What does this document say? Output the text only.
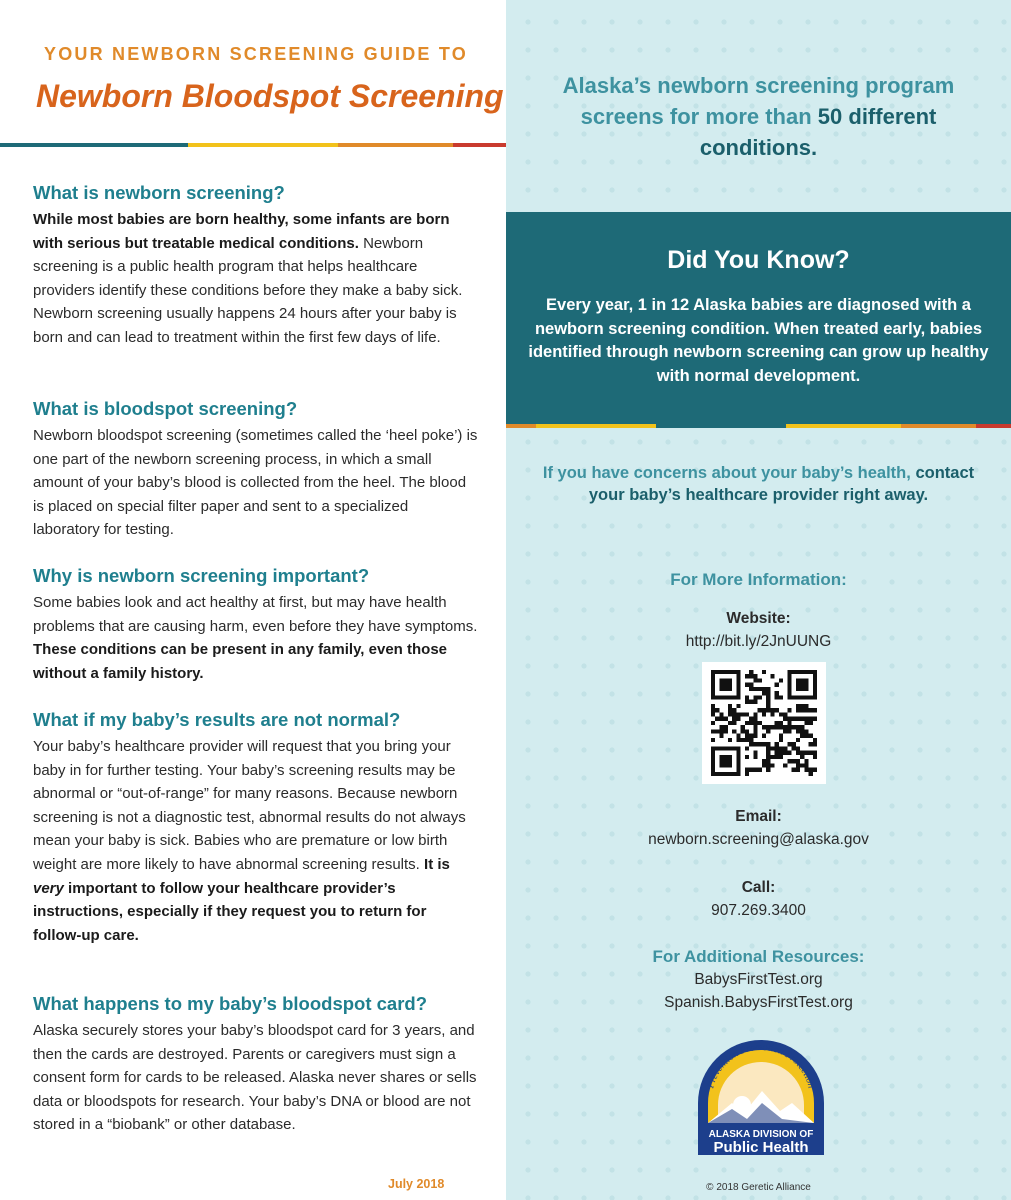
YOUR NEWBORN SCREENING GUIDE TO
Newborn Bloodspot Screening
What is newborn screening?

While most babies are born healthy, some infants are born with serious but treatable medical conditions. Newborn screening is a public health program that helps healthcare providers identify these conditions before they make a baby sick. Newborn screening usually happens 24 hours after your baby is born and can lead to treatment within the first few days of life.

What is bloodspot screening?

Newborn bloodspot screening (sometimes called the ‘heel poke’) is one part of the newborn screening process, in which a small amount of your baby’s blood is collected from the heel. The blood is placed on special filter paper and sent to a specialized laboratory for testing.

Why is newborn screening important?

Some babies look and act healthy at first, but may have health problems that are causing harm, even before they have symptoms. These conditions can be present in any family, even those without a family history.

What if my baby’s results are not normal?

Your baby’s healthcare provider will request that you bring your baby in for further testing. Your baby’s screening results may be abnormal or “out-of-range” for many reasons. Because newborn screening is not a diagnostic test, abnormal results do not always mean your baby is sick. Babies who are premature or low birth weight are more likely to have abnormal screening results. It is very important to follow your healthcare provider’s instructions, especially if they request you to return for follow-up care.

What happens to my baby’s bloodspot card?

Alaska securely stores your baby’s bloodspot card for 3 years, and then the cards are destroyed. Parents or caregivers must sign a consent form for cards to be released. Alaska never shares or sells data or bloodspots for research. Your baby’s DNA or blood are not stored in a “biobank” or other database.

July 2018
Alaska’s newborn screening program screens for more than 50 different conditions.
Did You Know?

Every year, 1 in 12 Alaska babies are diagnosed with a newborn screening condition. When treated early, babies identified through newborn screening can grow up healthy with normal development.

If you have concerns about your baby’s health, contact your baby’s healthcare provider right away.
For More Information:
Website:
http://bit.ly/2JnUUNG
Email:
newborn.screening@alaska.gov
Call:
907.269.3400
For Additional Resources:
BabysFirstTest.org
Spanish.BabysFirstTest.org
Prevention Promotion Protection
ALASKA DIVISION OF
Public Health
© 2018 Geretic Alliance
